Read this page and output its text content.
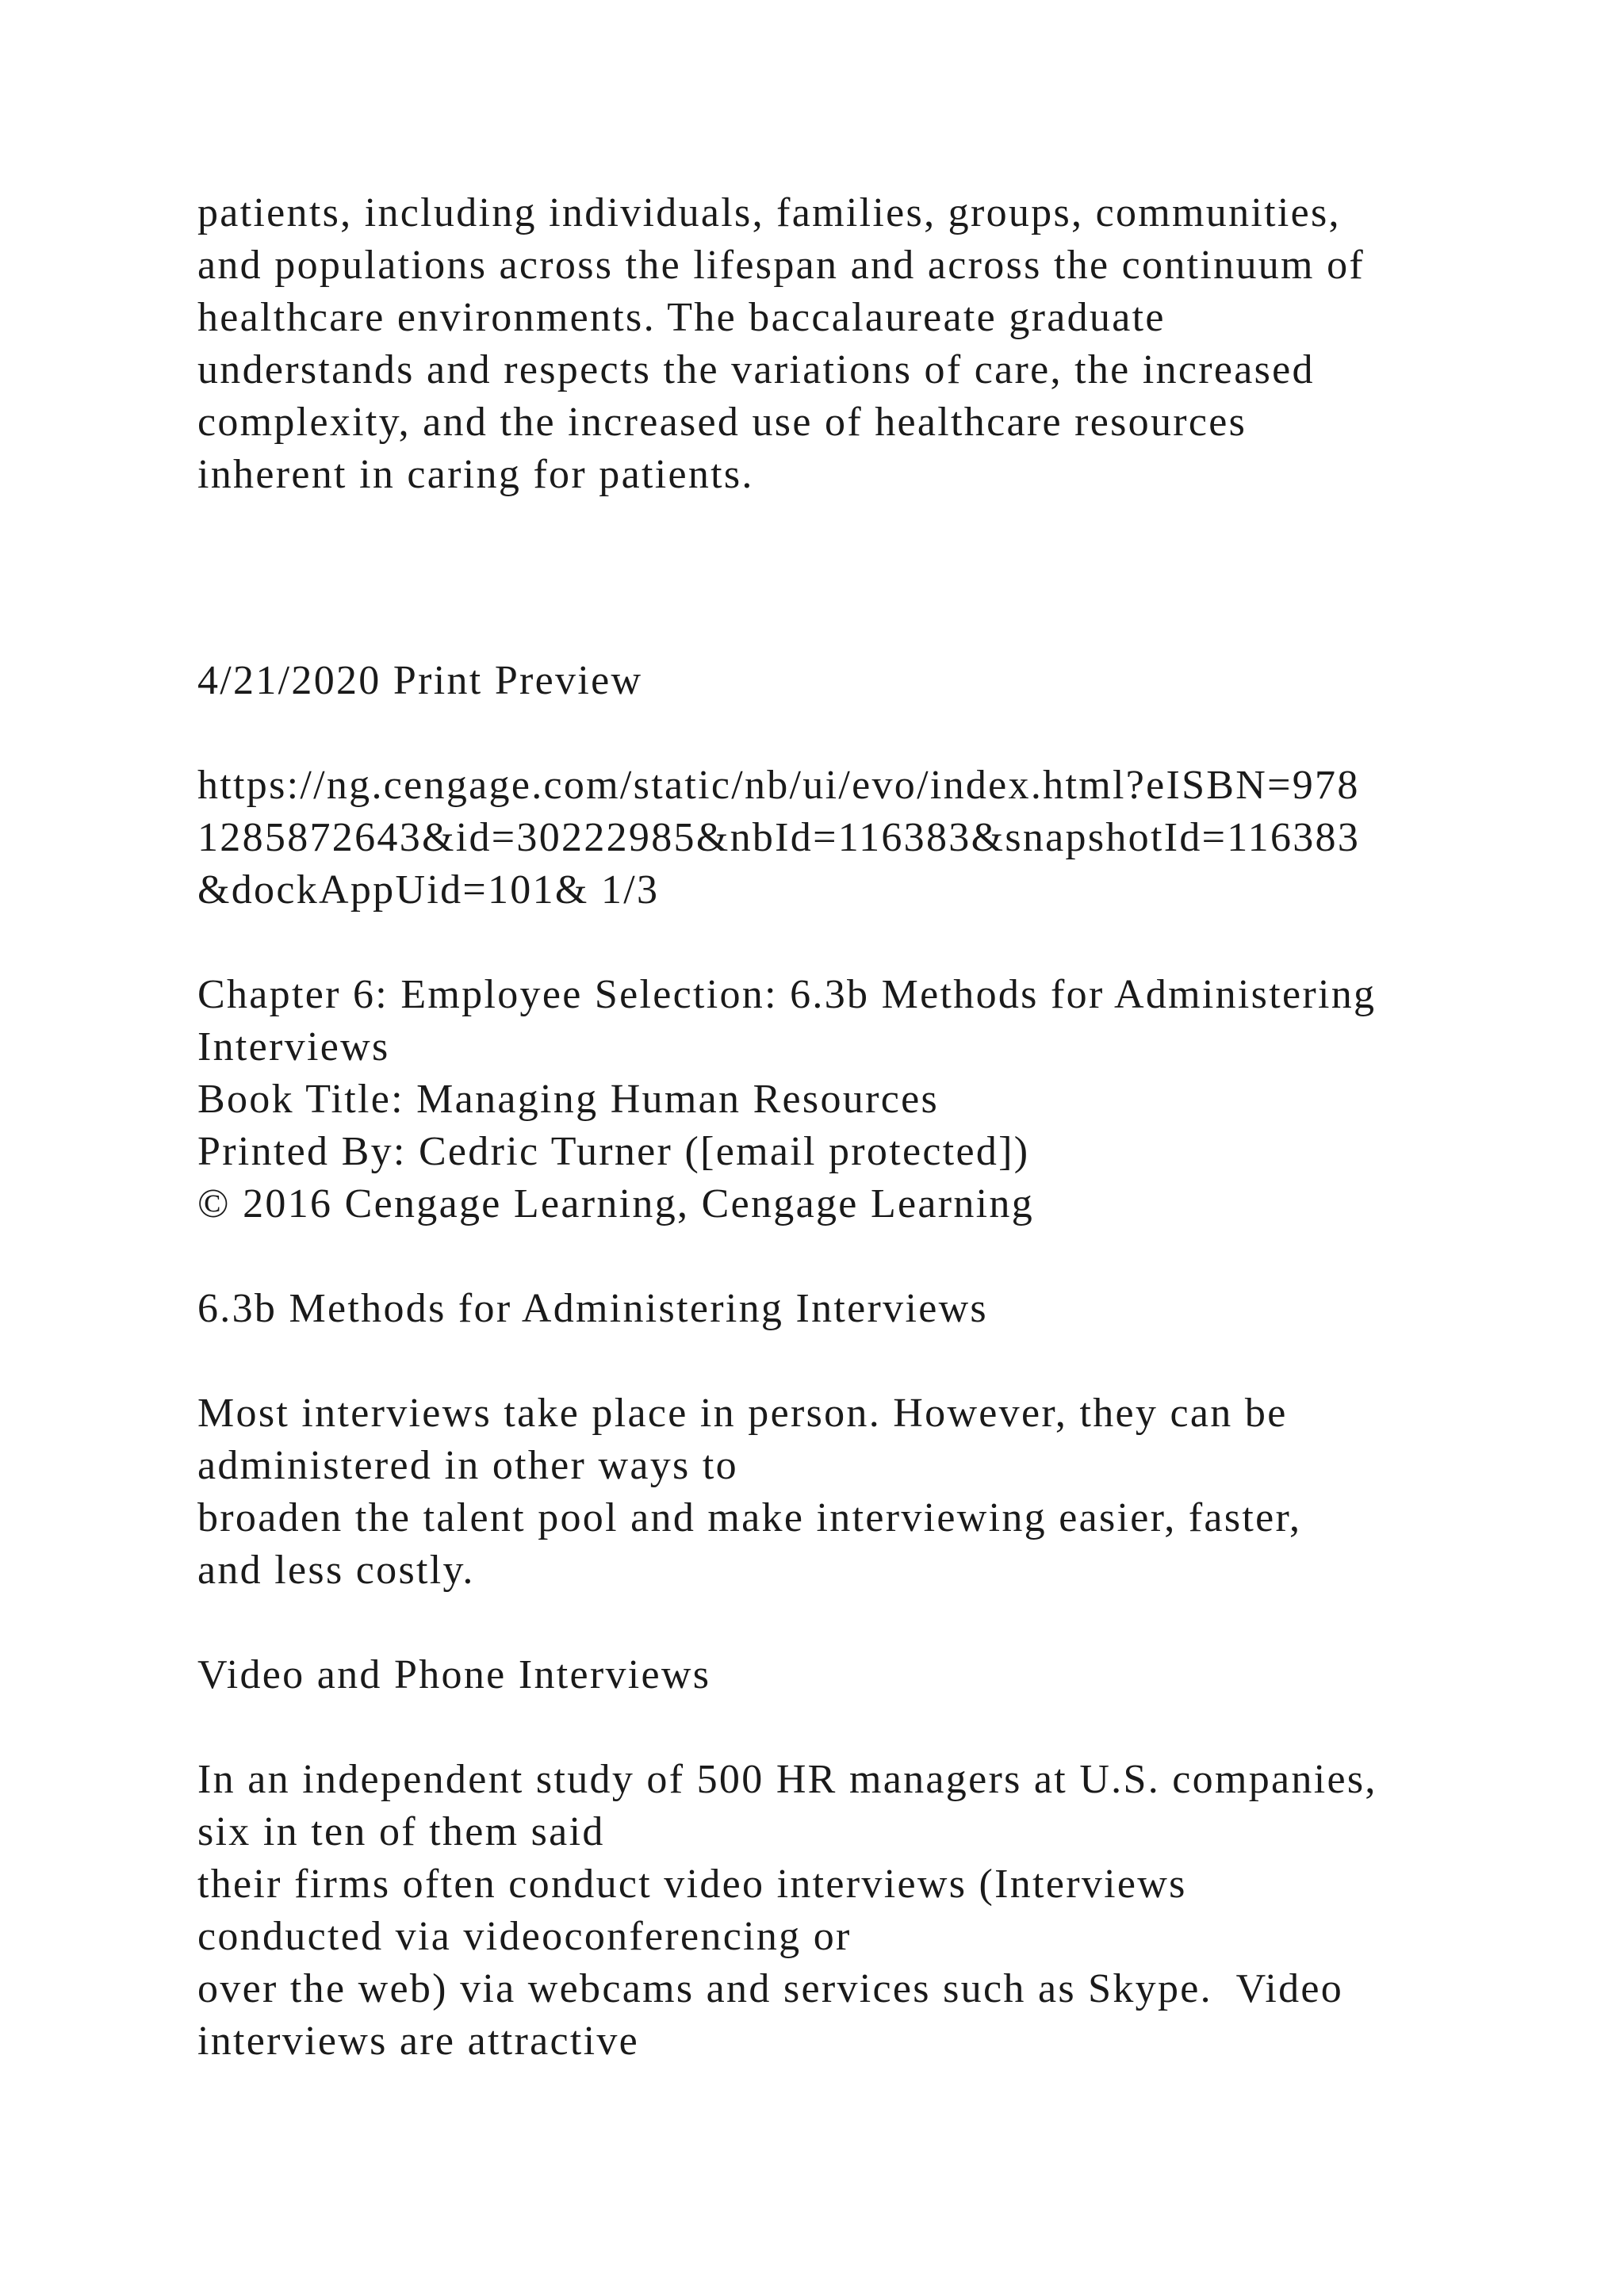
patients, including individuals, families, groups, communities,
and populations across the lifespan and across the continuum of
healthcare environments. The baccalaureate graduate
understands and respects the variations of care, the increased
complexity, and the increased use of healthcare resources
inherent in caring for patients.
4/21/2020 Print Preview
https://ng.cengage.com/static/nb/ui/evo/index.html?eISBN=978
1285872643&id=30222985&nbId=116383&snapshotId=116383
&dockAppUid=101& 1/3
Chapter 6: Employee Selection: 6.3b Methods for Administering
Interviews
Book Title: Managing Human Resources
Printed By: Cedric Turner ([email protected])
© 2016 Cengage Learning, Cengage Learning
6.3b Methods for Administering Interviews
Most interviews take place in person. However, they can be
administered in other ways to
broaden the talent pool and make interviewing easier, faster,
and less costly.
Video and Phone Interviews
In an independent study of 500 HR managers at U.S. companies,
six in ten of them said
their firms often conduct video interviews (Interviews
conducted via videoconferencing or
over the web) via webcams and services such as Skype.  Video
interviews are attractive
